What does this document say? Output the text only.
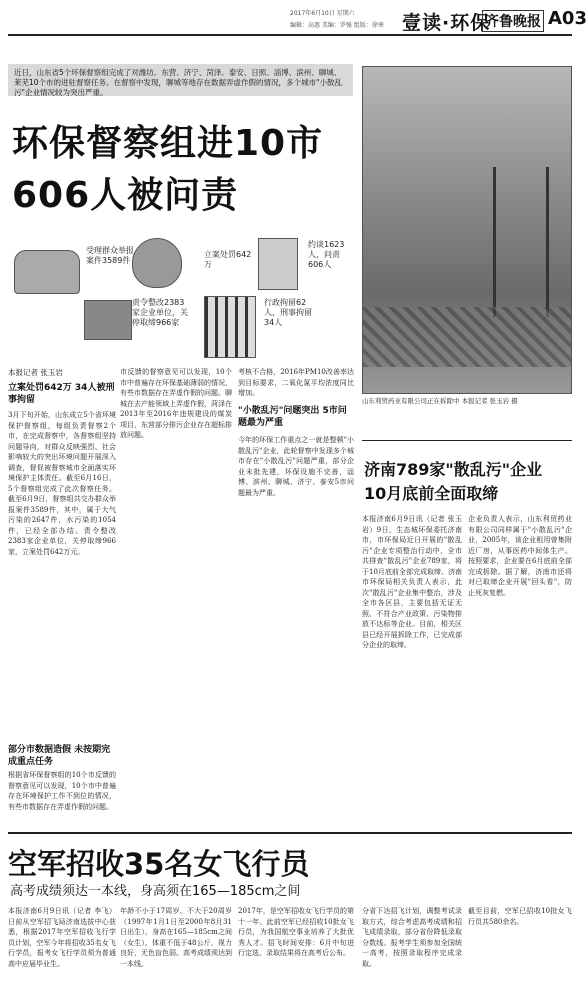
2017年6月10日 星期六
编辑：高惠 美编：罗强 组版：徐寒 壹读·环保
齐鲁晚报 A03
近日，山东省5个环保督察组完成了对潍坊、东营、济宁、菏泽、泰安、日照、淄博、滨州、聊城、莱芜10个市的进驻督察任务。在督察中发现，聊城等地存在数据弄虚作假的情况，多个城市"小散乱污"企业情况较为突出严重。
环保督察组进10市
606人被问责
受理群众举报案件3589件
立案处罚642万
约谈1623人，问责606人
责令整改2383家企业单位，关停取缔966家
行政拘留62人，刑事拘留34人
本报记者 张玉岩
立案处罚642万 34人被刑事拘留
3月下旬开始，山东成立5个省环境保护督察组，每组负责督察2个市，在完成督察中，各督察组坚持问题导向，对群众反映强烈、社会影响较大的突出环境问题开展深入调查，督促被督察城市全面落实环境保护主体责任。截至6月16日，5个督察组完成了此次督察任务。截至6月9日，督察组共交办群众举报案件3589件，其中，属于大气污染的2647件，水污染的1054件，已经全部办结。责令整改2383家企业单位，关停取缔966家，立案处罚642万元。
部分市数据造假 未按期完成重点任务
根据省环保督察组的10个市反馈的督察意见可以发现，10个市中普遍存在环境保护工作不到位的情况，有些市数据存在弄虚作假的问题。
市反馈的督察意见可以发现，10个市中普遍存在环保基础薄弱的情况，有些市数据存在弄虚作假的问题。聊城在去产能领域上弄虚作假，菏泽在2013年至2016年违规建设的煤炭项目，东营部分排污企业存在超标排放问题。
考核不合格，2016年PM10改善率达到目标要求，二氧化氮平均浓度同比增加。
"小散乱污"问题突出 5市问题最为严重
今年的环保工作重点之一就是整顿"小散乱污"企业，此轮督察中发现多个城市存在"小散乱污"问题严重，部分企业未批先建，环保设施不完善，淄博、滨州、聊城、济宁、泰安5市问题最为严重。
山东利贸药业有限公司正在拆除中 本报记者 张玉岩 摄
济南789家"散乱污"企业
10月底前全面取缔
本报济南6月9日讯（记者 张玉岩）9日，生态城环保委托济南市，市环保局近日开展的"散乱污"企业专项整治行动中，全市共排查"散乱污"企业789家，将于10月底前全部完成取缔。济南市环保局相关负责人表示，此次"散乱污"企业集中整治，涉及全市各区县，主要包括无证无照、不符合产业政策、污染物排放不达标等企业。目前，相关区县已经开展拆除工作，已完成部分企业的取缔。
企业负责人表示，山东利贸药业有限公司同样属于"小散乱污"企业，2005年，该企业租用曾集附近厂房，从事医药中间体生产。按照要求，企业要在6月底前全部完成拆除。据了解，济南市还将对已取缔企业开展"回头看"，防止死灰复燃。
空军招收35名女飞行员
高考成绩须达一本线，身高须在165—185cm之间
本报济南6月9日讯（记者 李飞）日前从空军招飞局济南选拔中心获悉，根据2017年空军招收飞行学员计划，空军今年将招收35名女飞行学员，报考女飞行学员须为普通高中应届毕业生。
年龄不小于17周岁、不大于20周岁（1997年1月1日至2000年8月31日出生），身高在165—185cm之间（女生），体重不低于48公斤，视力良好，无色盲色弱。高考成绩须达到一本线。
2017年，是空军招收女飞行学员的第十一年。此前空军已经招收10批女飞行员，为我国航空事业培养了大批优秀人才。招飞时间安排：6月中旬进行定选，录取结果将在高考后公布。
分省下达招飞计划，调整考试录取方式，综合考虑高考成绩和招飞成绩录取，部分省份降低录取分数线。报考学生须参加全国统一高考，按照录取程序完成录取。
截至目前，空军已招收10批女飞行员共580余名。
